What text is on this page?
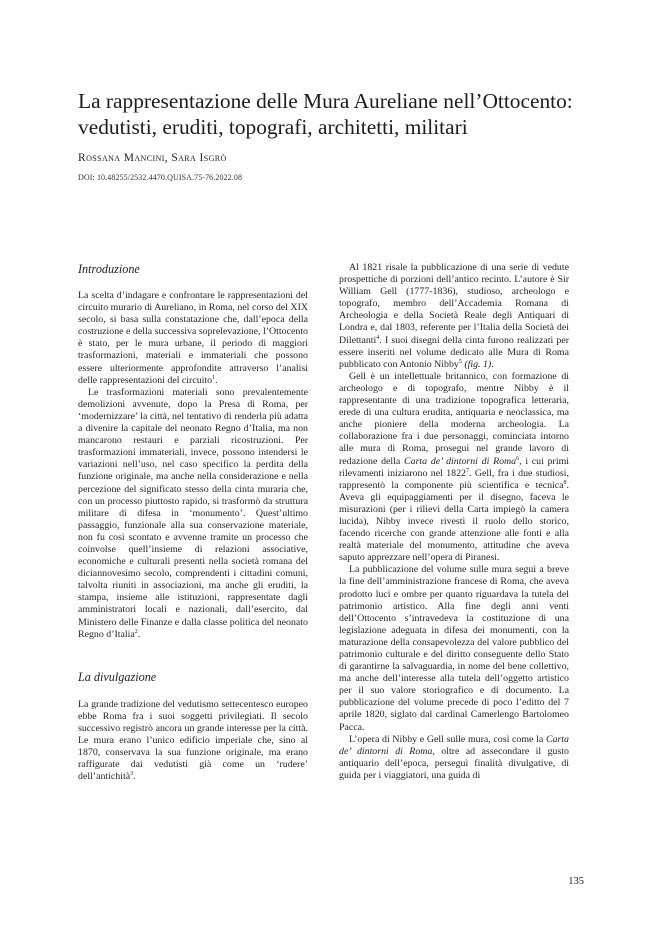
La rappresentazione delle Mura Aureliane nell’Ottocento: vedutisti, eruditi, topografi, architetti, militari
Rossana Mancini, Sara Isgrò
DOI: 10.48255/2532.4470.QUISA.75-76.2022.08
Introduzione

La scelta d’indagare e confrontare le rappresentazioni del circuito murario di Aureliano, in Roma, nel corso del XIX secolo, si basa sulla constatazione che, dall’epoca della costruzione e della successiva soprelevazione, l’Ottocento è stato, per le mura urbane, il periodo di maggiori trasformazioni, materiali e immateriali che possono essere ulteriormente approfondite attraverso l’analisi delle rappresentazioni del circuito$^1$.

Le trasformazioni materiali sono prevalentemente demolizioni avvenute, dopo la Presa di Roma, per ‘modernizzare’ la città, nel tentativo di renderla più adatta a divenire la capitale del neonato Regno d’Italia, ma non mancarono restauri e parziali ricostruzioni. Per trasformazioni immateriali, invece, possono intendersi le variazioni nell’uso, nel caso specifico la perdita della funzione originale, ma anche nella considerazione e nella percezione del significato stesso della cinta muraria che, con un processo piuttosto rapido, si trasformò da struttura militare di difesa in ‘monumento’. Quest’ultimo passaggio, funzionale alla sua conservazione materiale, non fu così scontato e avvenne tramite un processo che coinvolse quell’insieme di relazioni associative, economiche e culturali presenti nella società romana del diciannovesimo secolo, comprendenti i cittadini comuni, talvolta riuniti in associazioni, ma anche gli eruditi, la stampa, insieme alle istituzioni, rappresentate dagli amministratori locali e nazionali, dall’esercito, dal Ministero delle Finanze e dalla classe politica del neonato Regno d’Italia$^2$.

La divulgazione

La grande tradizione del vedutismo settecentesco europeo ebbe Roma fra i suoi soggetti privilegiati. Il secolo successivo registrò ancora un grande interesse per la città. Le mura erano l’unico edificio imperiale che, sino al 1870, conservava la sua funzione originale, ma erano raffigurate dai vedutisti già come un ‘rudere’ dell’antichità$^3$.

Al 1821 risale la pubblicazione di una serie di vedute prospettiche di porzioni dell’antico recinto. L’autore è Sir William Gell (1777-1836), studioso, archeologo e topografo, membro dell’Accademia Romana di Archeologia e della Società Reale degli Antiquari di Londra e, dal 1803, referente per l’Italia della Società dei Dilettanti$^4$. I suoi disegni della cinta furono realizzati per essere inseriti nel volume dedicato alle Mura di Roma pubblicato con Antonio Nibby$^5$ (fig. 1).

Gell è un intellettuale britannico, con formazione di archeologo e di topografo, mentre Nibby è il rappresentante di una tradizione topografica letteraria, erede di una cultura erudita, antiquaria e neoclassica, ma anche pioniere della moderna archeologia. La collaborazione fra i due personaggi, cominciata intorno alle mura di Roma, proseguì nel grande lavoro di redazione della Carta de’ dintorni di Roma$^6$, i cui primi rilevamenti iniziarono nel 1822$^7$. Gell, fra i due studiosi, rappresentò la componente più scientifica e tecnica$^8$. Aveva gli equipaggiamenti per il disegno, faceva le misurazioni (per i rilievi della Carta impiegò la camera lucida), Nibby invece rivestì il ruolo dello storico, facendo ricerche con grande attenzione alle fonti e alla realtà materiale del monumento, attitudine che aveva saputo apprezzare nell’opera di Piranesi.

La pubblicazione del volume sulle mura seguì a breve la fine dell’amministrazione francese di Roma, che aveva prodotto luci e ombre per quanto riguardava la tutela del patrimonio artistico. Alla fine degli anni venti dell’Ottocento s’intravedeva la costituzione di una legislazione adeguata in difesa dei monumenti, con la maturazione della consapevolezza del valore pubblico del patrimonio culturale e del diritto conseguente dello Stato di garantirne la salvaguardia, in nome del bene collettivo, ma anche dell’interesse alla tutela dell’oggetto artistico per il suo valore storiografico e di documento. La pubblicazione del volume precede di poco l’editto del 7 aprile 1820, siglato dal cardinal Camerlengo Bartolomeo Pacca.

L’opera di Nibby e Gell sulle mura, così come la Carta de’ dintorni di Roma, oltre ad assecondare il gusto antiquario dell’epoca, perseguì finalità divulgative, di guida per i viaggiatori, una guida di

135
